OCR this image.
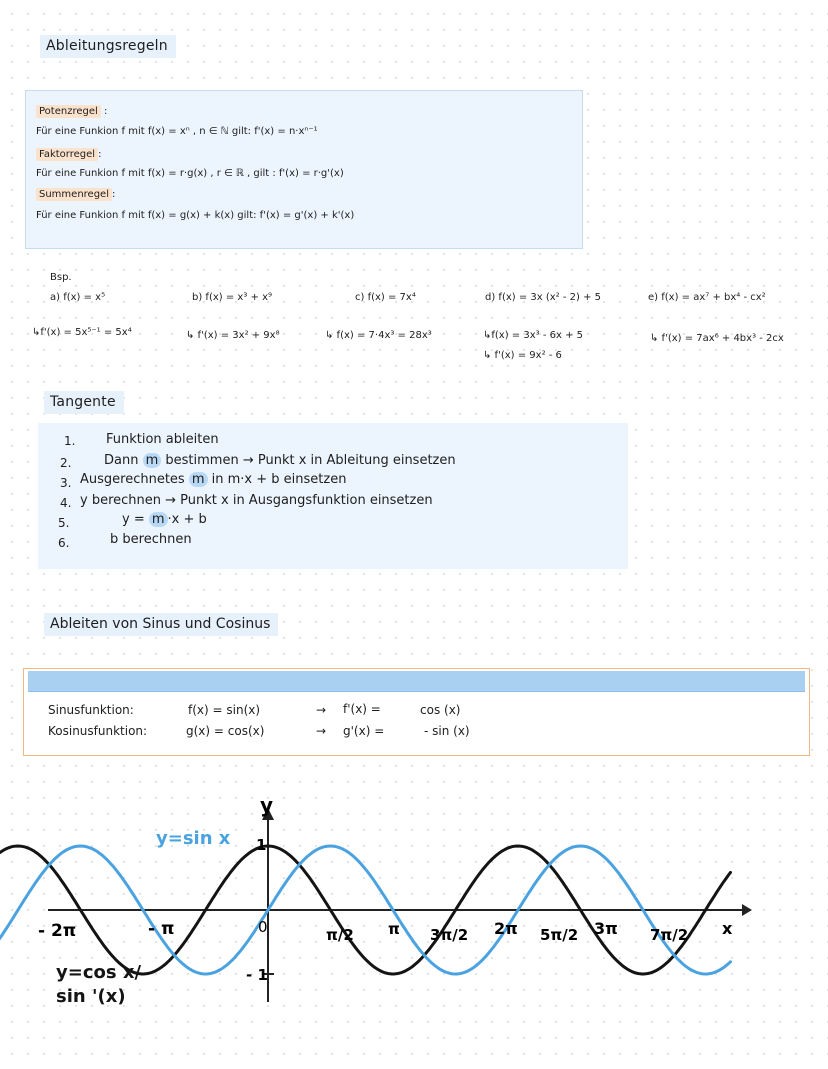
Ableitungsregeln
Potenzregel :
Für eine Funkion f mit f(x) = xⁿ , n ∈ ℕ gilt: f'(x) = n·xⁿ⁻¹
Faktorregel :
Für eine Funkion f mit f(x) = r·g(x) , r ∈ ℝ , gilt : f'(x) = r·g'(x)
Summenregel :
Für eine Funkion f mit f(x) = g(x) + k(x) gilt: f'(x) = g'(x) + k'(x)
Bsp.
a) f(x) = x⁵
↳f'(x) = 5x⁵⁻¹ = 5x⁴
b) f(x) = x³ + x⁹
↳ f'(x) = 3x² + 9x⁸
c) f(x) = 7x⁴
↳ f(x) = 7·4x³ = 28x³
d) f(x) = 3x (x² - 2) + 5
↳f(x) = 3x³ - 6x + 5
↳ f'(x) = 9x² - 6
e) f(x) = ax⁷ + bx⁴ - cx²
↳ f'(x) = 7ax⁶ + 4bx³ - 2cx
Tangente
1. Funktion ableiten
2.	Dann m bestimmen → Punkt x in Ableitung einsetzen
3. Ausgerechnetes m in m·x + b einsetzen
4. y berechnen → Punkt x in Ausgangsfunktion einsetzen
5.	y = m ·x + b
6.	b berechnen
Ableiten von Sinus und Cosinus
Sinusfunktion:	f(x) = sin(x)	→ f'(x) =	cos (x)
Kosinusfunktion:	g(x) = cos(x)	→ g'(x) =	- sin (x)
y
x
1
- 1
0
- 2π	- π	π/2 π 3π/2 2π 5π/2 3π 7π/2
y=sin x
y=cos x/
sin '(x)
